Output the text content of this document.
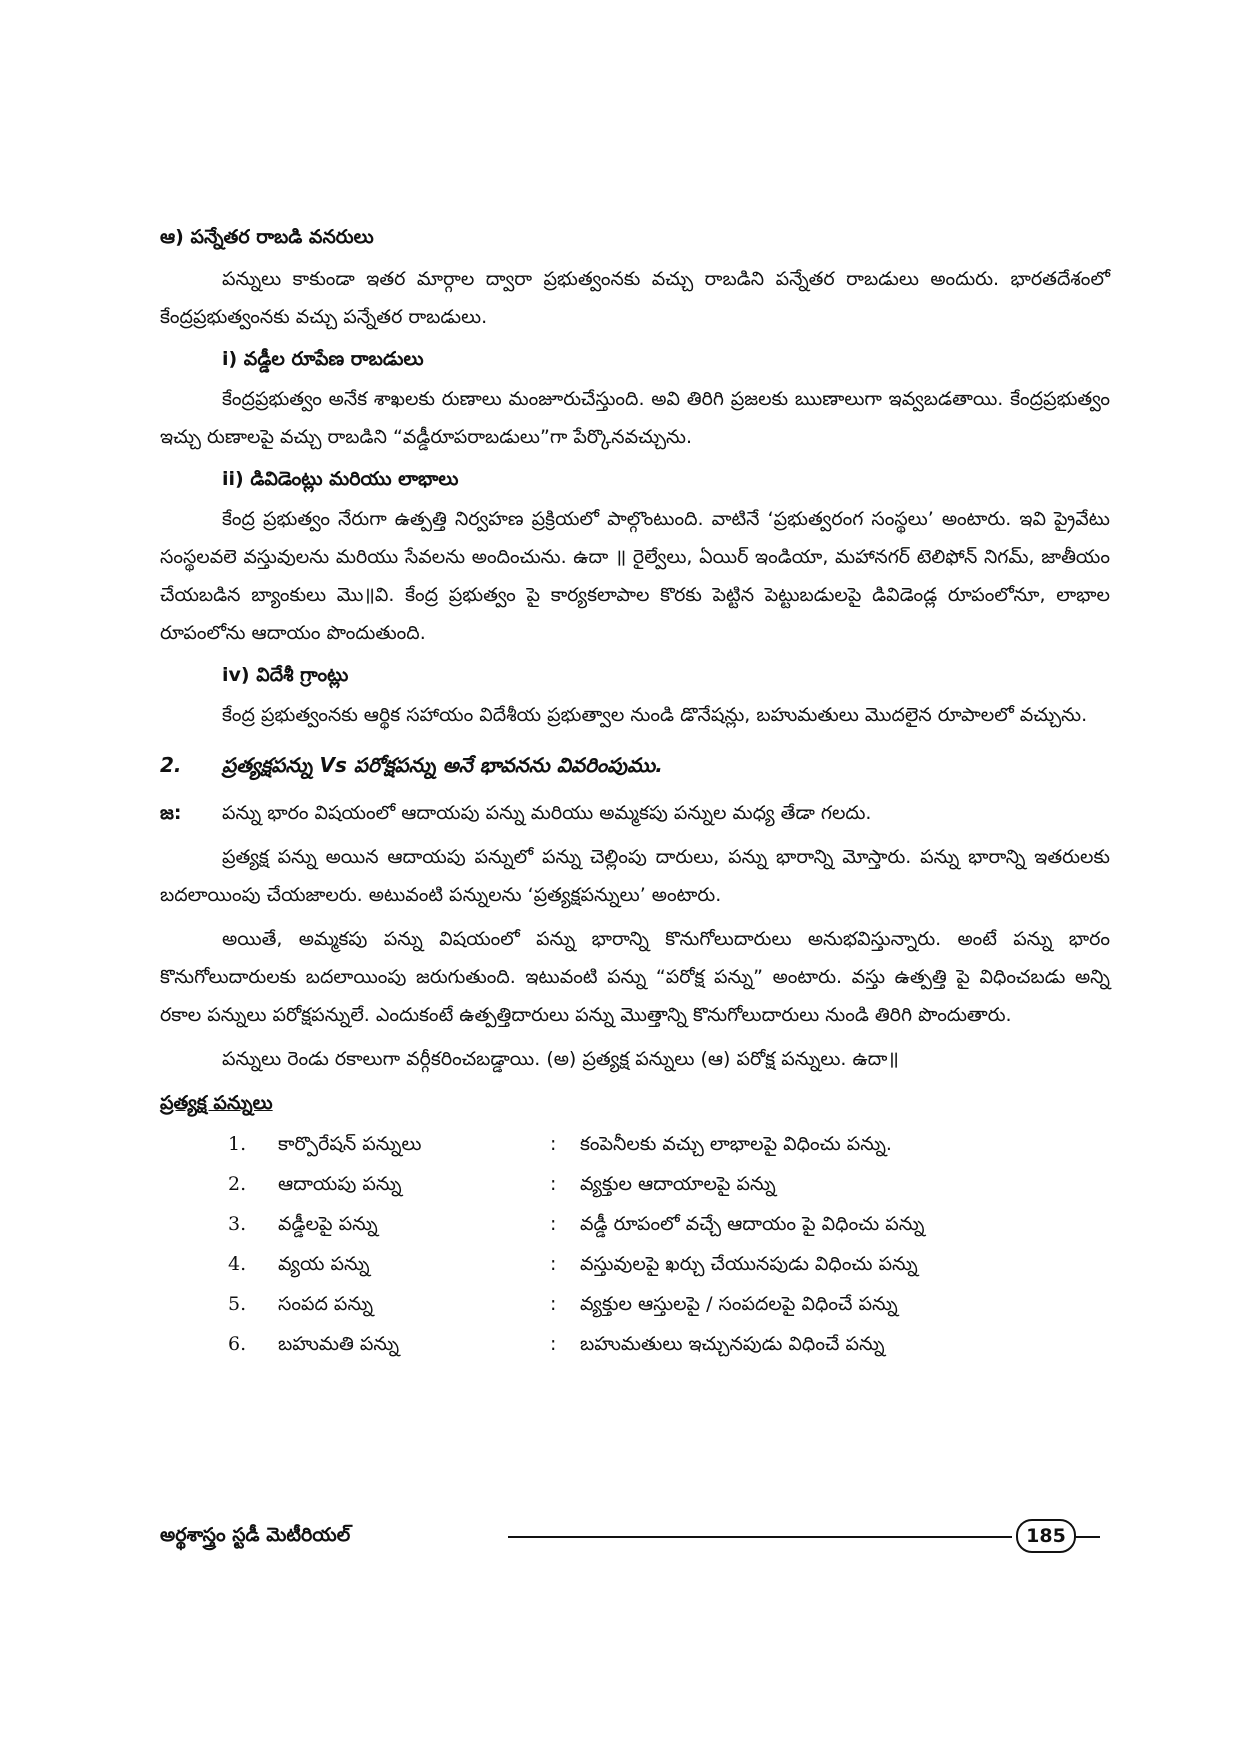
ఆ) పన్నేతర రాబడి వనరులు

పన్నులు కాకుండా ఇతర మార్గాల ద్వారా ప్రభుత్వంనకు వచ్చు రాబడిని పన్నేతర రాబడులు అందురు. భారతదేశంలో కేంద్రప్రభుత్వంనకు వచ్చు పన్నేతర రాబడులు.

i) వడ్డీల రూపేణ రాబడులు

కేంద్రప్రభుత్వం అనేక శాఖలకు రుణాలు మంజూరుచేస్తుంది. అవి తిరిగి ప్రజలకు ఋణాలుగా ఇవ్వబడతాయి. కేంద్రప్రభుత్వం ఇచ్చు రుణాలపై వచ్చు రాబడిని “వడ్డీరూపరాబడులు”గా పేర్కొనవచ్చును.

ii) డివిడెంట్లు మరియు లాభాలు

కేంద్ర ప్రభుత్వం నేరుగా ఉత్పత్తి నిర్వహణ ప్రక్రియలో పాల్గొంటుంది. వాటినే ‘ప్రభుత్వరంగ సంస్థలు’ అంటారు. ఇవి ప్రైవేటు సంస్థలవలె వస్తువులను మరియు సేవలను అందించును. ఉదా ॥ రైల్వేలు, ఏయిర్ ఇండియా, మహానగర్ టెలిఫోన్ నిగమ్, జాతీయం చేయబడిన బ్యాంకులు మొ॥వి. కేంద్ర ప్రభుత్వం పై కార్యకలాపాల కొరకు పెట్టిన పెట్టుబడులపై డివిడెండ్ల రూపంలోనూ, లాభాల రూపంలోను ఆదాయం పొందుతుంది.

iv) విదేశీ గ్రాంట్లు

కేంద్ర ప్రభుత్వంనకు ఆర్థిక సహాయం విదేశీయ ప్రభుత్వాల నుండి డొనేషన్లు, బహుమతులు మొదలైన రూపాలలో వచ్చును.

2.	ప్రత్యక్షపన్ను Vs పరోక్షపన్ను అనే భావనను వివరింపుము.
జ:	పన్ను భారం విషయంలో ఆదాయపు పన్ను మరియు అమ్మకపు పన్నుల మధ్య తేడా గలదు.

ప్రత్యక్ష పన్ను అయిన ఆదాయపు పన్నులో పన్ను చెల్లింపు దారులు, పన్ను భారాన్ని మోస్తారు. పన్ను భారాన్ని ఇతరులకు బదలాయింపు చేయజాలరు. అటువంటి పన్నులను ‘ప్రత్యక్షపన్నులు’ అంటారు.

అయితే, అమ్మకపు పన్ను విషయంలో పన్ను భారాన్ని కొనుగోలుదారులు అనుభవిస్తున్నారు. అంటే పన్ను భారం కొనుగోలుదారులకు బదలాయింపు జరుగుతుంది. ఇటువంటి పన్ను “పరోక్ష పన్ను” అంటారు. వస్తు ఉత్పత్తి పై విధించబడు అన్ని రకాల పన్నులు పరోక్షపన్నులే. ఎందుకంటే ఉత్పత్తిదారులు పన్ను మొత్తాన్ని కొనుగోలుదారులు నుండి తిరిగి పొందుతారు.

పన్నులు రెండు రకాలుగా వర్గీకరించబడ్డాయి. (అ) ప్రత్యక్ష పన్నులు (ఆ) పరోక్ష పన్నులు. ఉదా॥

ప్రత్యక్ష పన్నులు
1.	కార్పొరేషన్ పన్నులు	:	కంపెనీలకు వచ్చు లాభాలపై విధించు పన్ను.
2.	ఆదాయపు పన్ను	:	వ్యక్తుల ఆదాయాలపై పన్ను
3.	వడ్డీలపై పన్ను	:	వడ్డీ రూపంలో వచ్చే ఆదాయం పై విధించు పన్ను
4.	వ్యయ పన్ను	:	వస్తువులపై ఖర్చు చేయునపుడు విధించు పన్ను
5.	సంపద పన్ను	:	వ్యక్తుల ఆస్తులపై / సంపదలపై విధించే పన్ను
6.	బహుమతి పన్ను	:	బహుమతులు ఇచ్చునపుడు విధించే పన్ను
అర్థశాస్త్రం స్టడీ మెటీరియల్	185
